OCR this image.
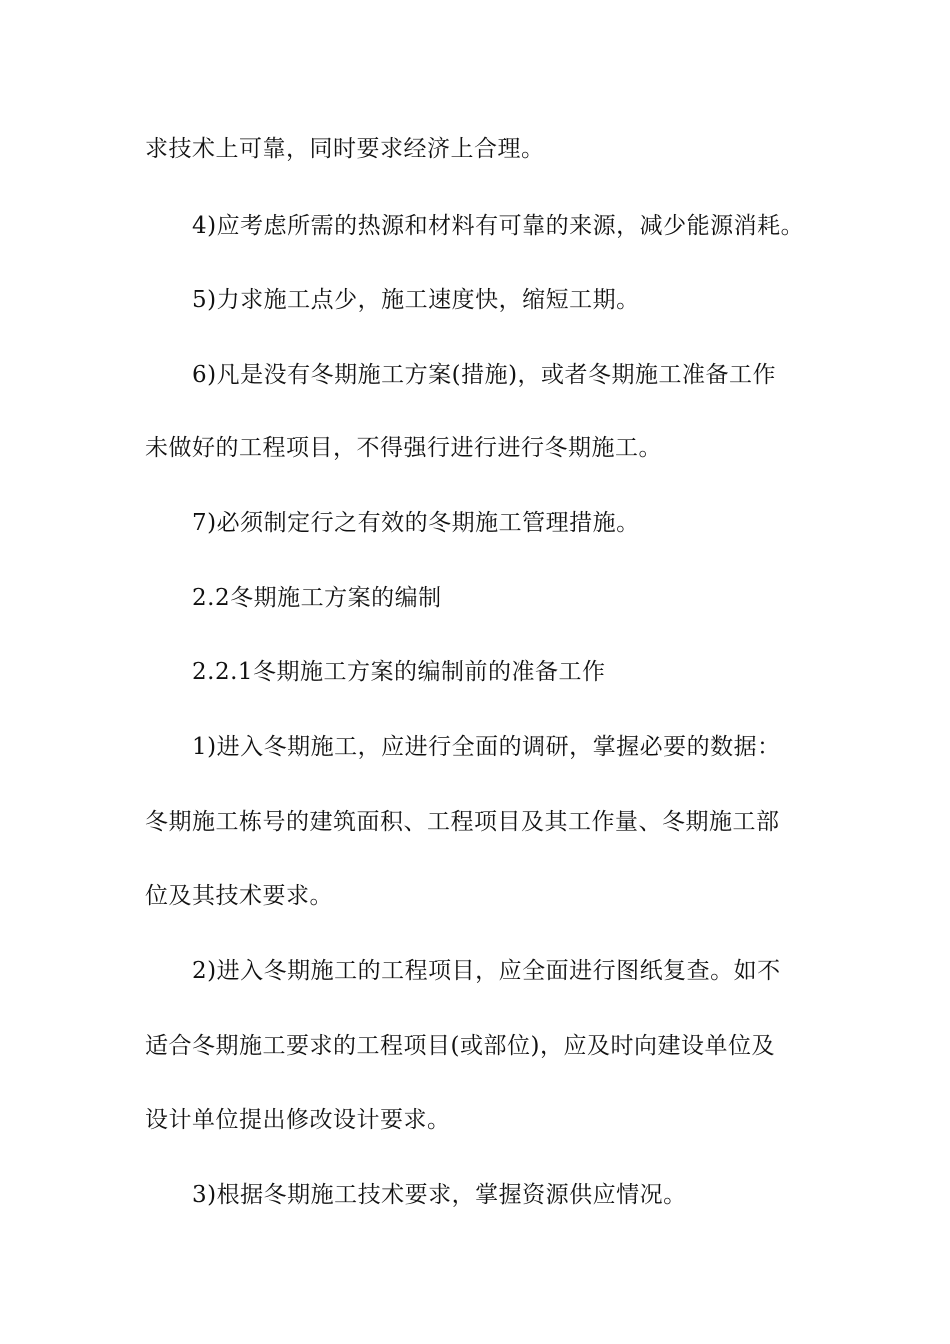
求技术上可靠，同时要求经济上合理。
4)应考虑所需的热源和材料有可靠的来源，减少能源消耗。
5)力求施工点少，施工速度快，缩短工期。
6)凡是没有冬期施工方案(措施)，或者冬期施工准备工作
未做好的工程项目，不得强行进行进行冬期施工。
7)必须制定行之有效的冬期施工管理措施。
2.2冬期施工方案的编制
2.2.1冬期施工方案的编制前的准备工作
1)进入冬期施工，应进行全面的调研，掌握必要的数据：
冬期施工栋号的建筑面积、工程项目及其工作量、冬期施工部
位及其技术要求。
2)进入冬期施工的工程项目，应全面进行图纸复查。如不
适合冬期施工要求的工程项目(或部位)，应及时向建设单位及
设计单位提出修改设计要求。
3)根据冬期施工技术要求，掌握资源供应情况。
